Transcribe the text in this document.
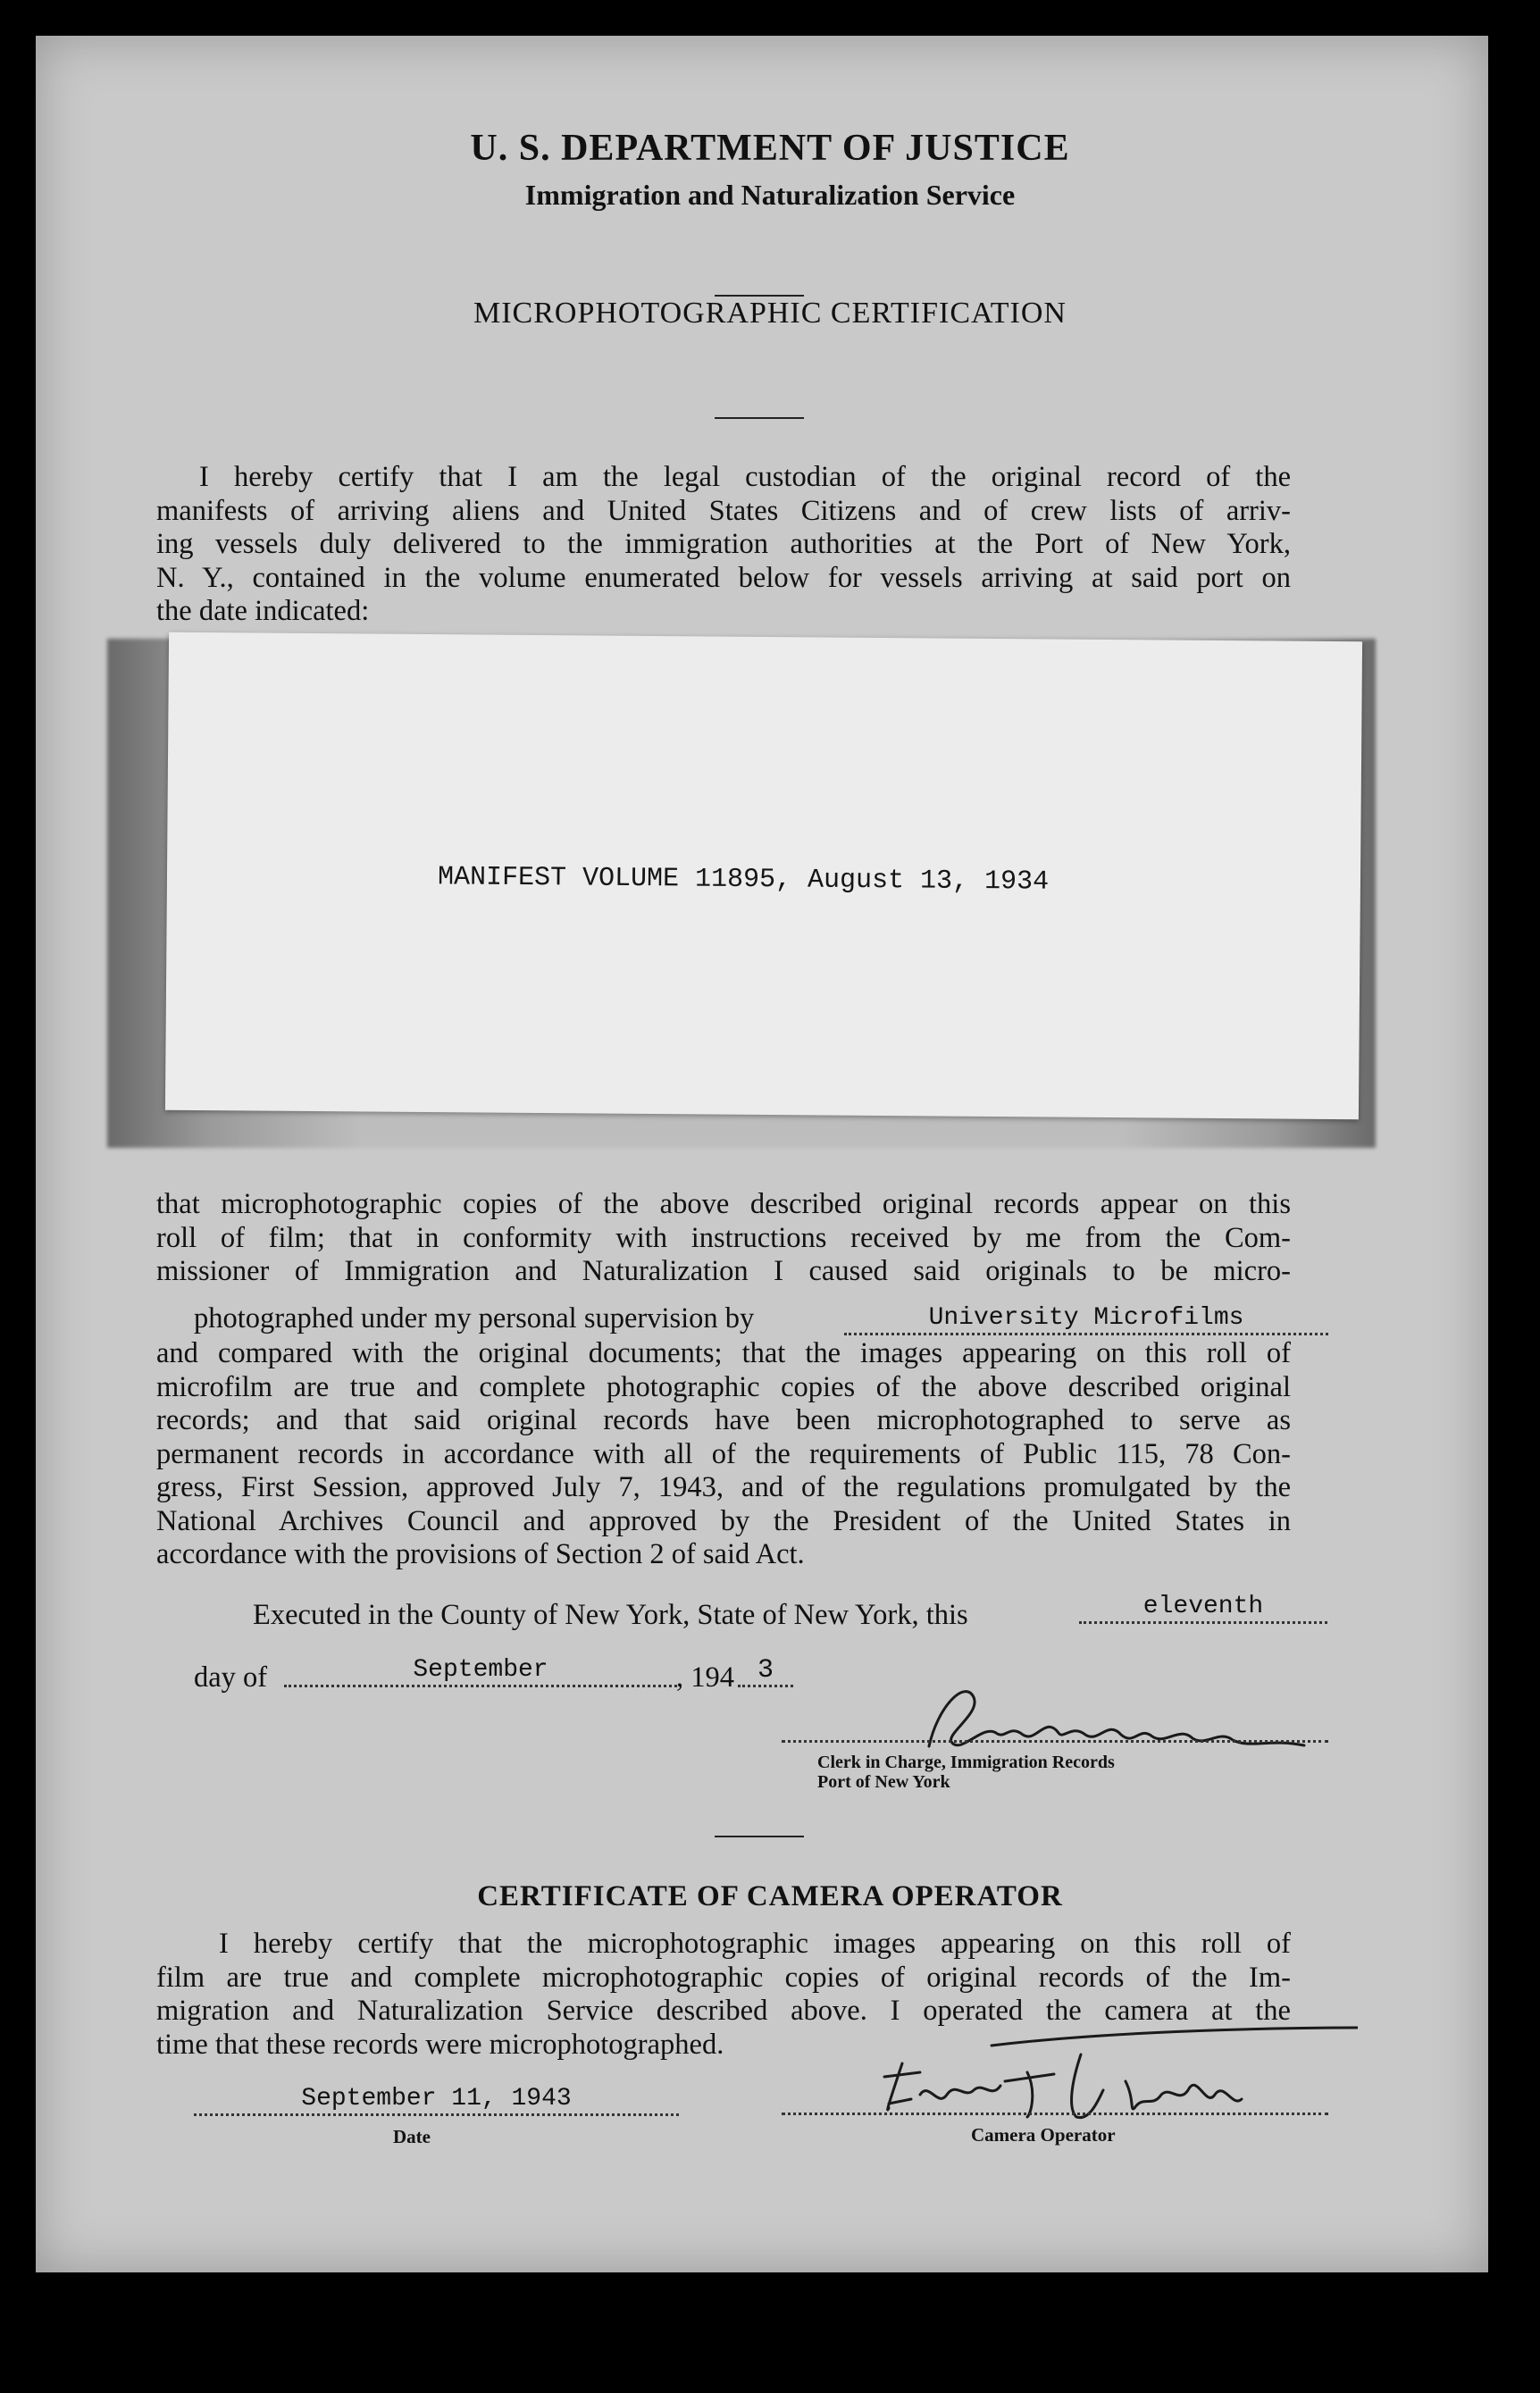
U. S. DEPARTMENT OF JUSTICE
Immigration and Naturalization Service
MICROPHOTOGRAPHIC CERTIFICATION
I hereby certify that I am the legal custodian of the original record of the
manifests of arriving aliens and United States Citizens and of crew lists of arriv-
ing vessels duly delivered to the immigration authorities at the Port of New York,
N. Y., contained in the volume enumerated below for vessels arriving at said port on
the date indicated:
MANIFEST VOLUME 11895, August 13, 1934
that microphotographic copies of the above described original records appear on this
roll of film; that in conformity with instructions received by me from the Com-
missioner of Immigration and Naturalization I caused said originals to be micro-
photographed under my personal supervision by	University Microfilms
and compared with the original documents; that the images appearing on this roll of
microfilm are true and complete photographic copies of the above described original
records; and that said original records have been microphotographed to serve as
permanent records in accordance with all of the requirements of Public 115, 78 Con-
gress, First Session, approved July 7, 1943, and of the regulations promulgated by the
National Archives Council and approved by the President of the United States in
accordance with the provisions of Section 2 of said Act.
Executed in the County of New York, State of New York, this	eleventh
day of	September	, 194 3
Clerk in Charge, Immigration Records
Port of New York
CERTIFICATE OF CAMERA OPERATOR
I hereby certify that the microphotographic images appearing on this roll of
film are true and complete microphotographic copies of original records of the Im-
migration and Naturalization Service described above. I operated the camera at the
time that these records were microphotographed.
September 11, 1943
Date	Camera Operator
